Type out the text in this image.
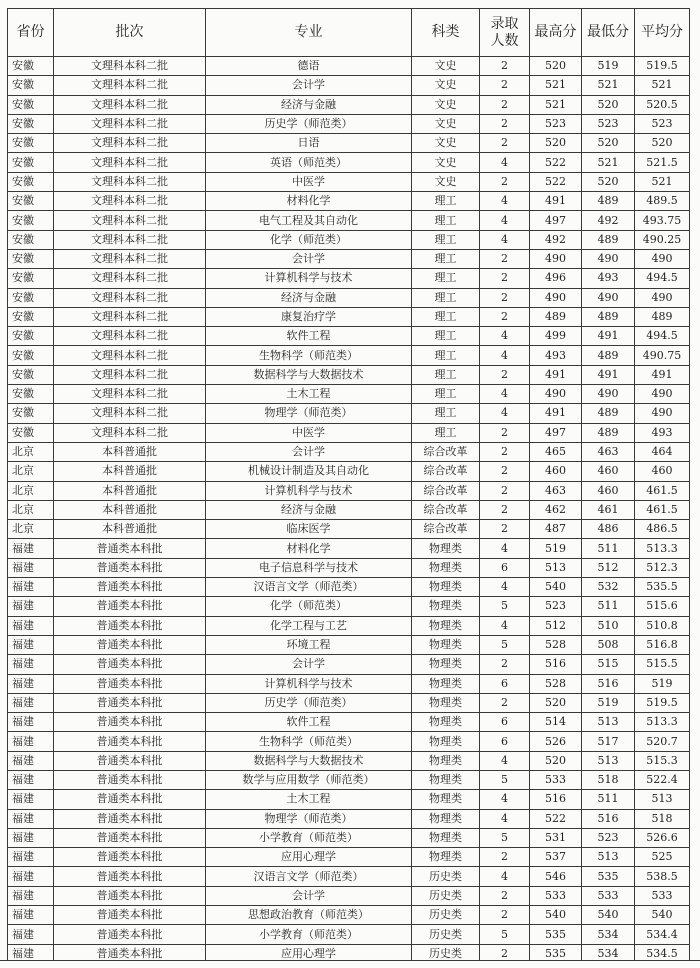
省份	批次	专业	科类	录取人数	最高分	最低分	平均分
安徽	文理科本科二批	德语	文史	2	520	519	519.5
安徽	文理科本科二批	会计学	文史	2	521	521	521
安徽	文理科本科二批	经济与金融	文史	2	521	520	520.5
安徽	文理科本科二批	历史学（师范类）	文史	2	523	523	523
安徽	文理科本科二批	日语	文史	2	520	520	520
安徽	文理科本科二批	英语（师范类）	文史	4	522	521	521.5
安徽	文理科本科二批	中医学	文史	2	522	520	521
安徽	文理科本科二批	材料化学	理工	4	491	489	489.5
安徽	文理科本科二批	电气工程及其自动化	理工	4	497	492	493.75
安徽	文理科本科二批	化学（师范类）	理工	4	492	489	490.25
安徽	文理科本科二批	会计学	理工	2	490	490	490
安徽	文理科本科二批	计算机科学与技术	理工	2	496	493	494.5
安徽	文理科本科二批	经济与金融	理工	2	490	490	490
安徽	文理科本科二批	康复治疗学	理工	2	489	489	489
安徽	文理科本科二批	软件工程	理工	4	499	491	494.5
安徽	文理科本科二批	生物科学（师范类）	理工	4	493	489	490.75
安徽	文理科本科二批	数据科学与大数据技术	理工	2	491	491	491
安徽	文理科本科二批	土木工程	理工	4	490	490	490
安徽	文理科本科二批	物理学（师范类）	理工	4	491	489	490
安徽	文理科本科二批	中医学	理工	2	497	489	493
北京	本科普通批	会计学	综合改革	2	465	463	464
北京	本科普通批	机械设计制造及其自动化	综合改革	2	460	460	460
北京	本科普通批	计算机科学与技术	综合改革	2	463	460	461.5
北京	本科普通批	经济与金融	综合改革	2	462	461	461.5
北京	本科普通批	临床医学	综合改革	2	487	486	486.5
福建	普通类本科批	材料化学	物理类	4	519	511	513.3
福建	普通类本科批	电子信息科学与技术	物理类	6	513	512	512.3
福建	普通类本科批	汉语言文学（师范类）	物理类	4	540	532	535.5
福建	普通类本科批	化学（师范类）	物理类	5	523	511	515.6
福建	普通类本科批	化学工程与工艺	物理类	4	512	510	510.8
福建	普通类本科批	环境工程	物理类	5	528	508	516.8
福建	普通类本科批	会计学	物理类	2	516	515	515.5
福建	普通类本科批	计算机科学与技术	物理类	6	528	516	519
福建	普通类本科批	历史学（师范类）	物理类	2	520	519	519.5
福建	普通类本科批	软件工程	物理类	6	514	513	513.3
福建	普通类本科批	生物科学（师范类）	物理类	6	526	517	520.7
福建	普通类本科批	数据科学与大数据技术	物理类	4	520	513	515.3
福建	普通类本科批	数学与应用数学（师范类）	物理类	5	533	518	522.4
福建	普通类本科批	土木工程	物理类	4	516	511	513
福建	普通类本科批	物理学（师范类）	物理类	4	522	516	518
福建	普通类本科批	小学教育（师范类）	物理类	5	531	523	526.6
福建	普通类本科批	应用心理学	物理类	2	537	513	525
福建	普通类本科批	汉语言文学（师范类）	历史类	4	546	535	538.5
福建	普通类本科批	会计学	历史类	2	533	533	533
福建	普通类本科批	思想政治教育（师范类）	历史类	2	540	540	540
福建	普通类本科批	小学教育（师范类）	历史类	5	535	534	534.4
福建	普通类本科批	应用心理学	历史类	2	535	534	534.5
